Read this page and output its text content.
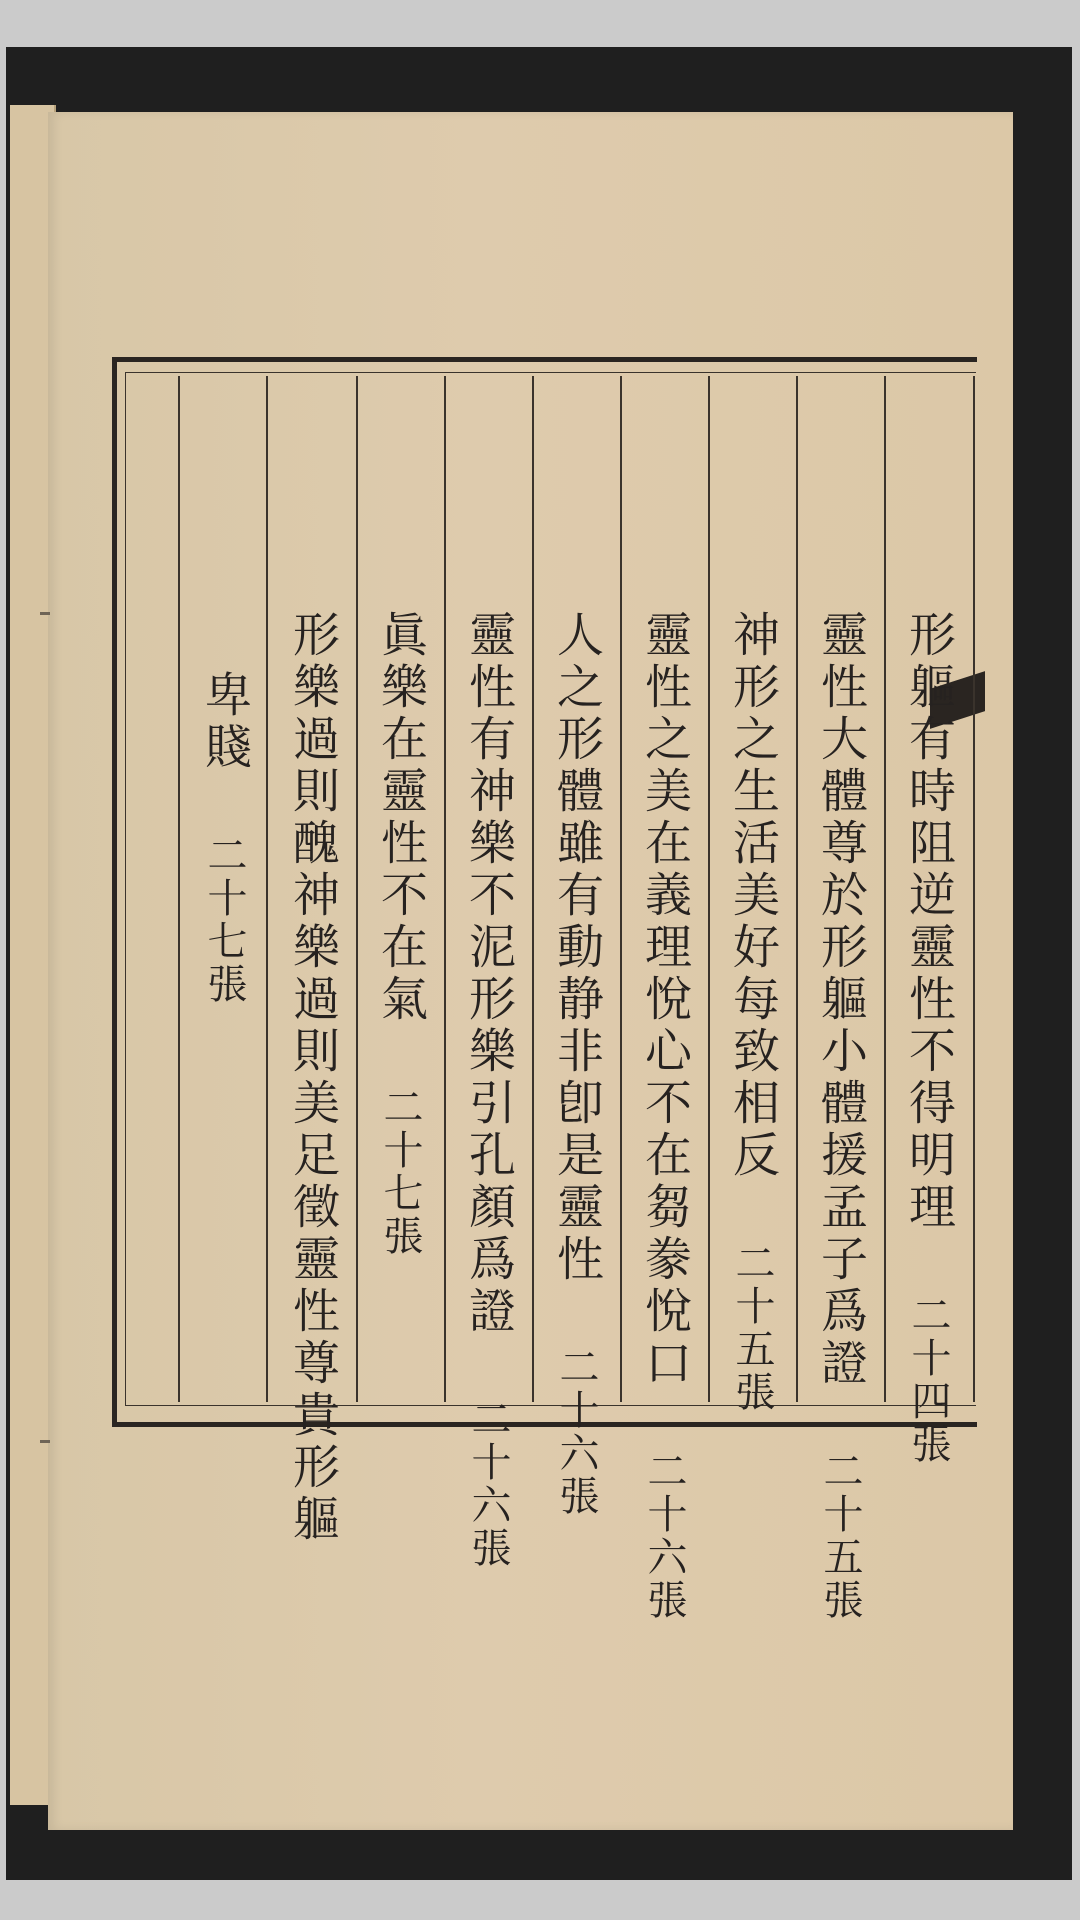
形軀有時阻逆靈性不得明理 二十四張
靈性大體尊於形軀小體援孟子爲證 二十五張
神形之生活美好每致相反 二十五張
靈性之美在義理悅心不在芻豢悅口 二十六張
人之形體雖有動静非卽是靈性 二十六張
靈性有神樂不泥形樂引孔顏爲證 二十六張
眞樂在靈性不在氣 二十七張
形樂過則醜神樂過則美足徵靈性尊貴形軀
卑賤 二十七張
